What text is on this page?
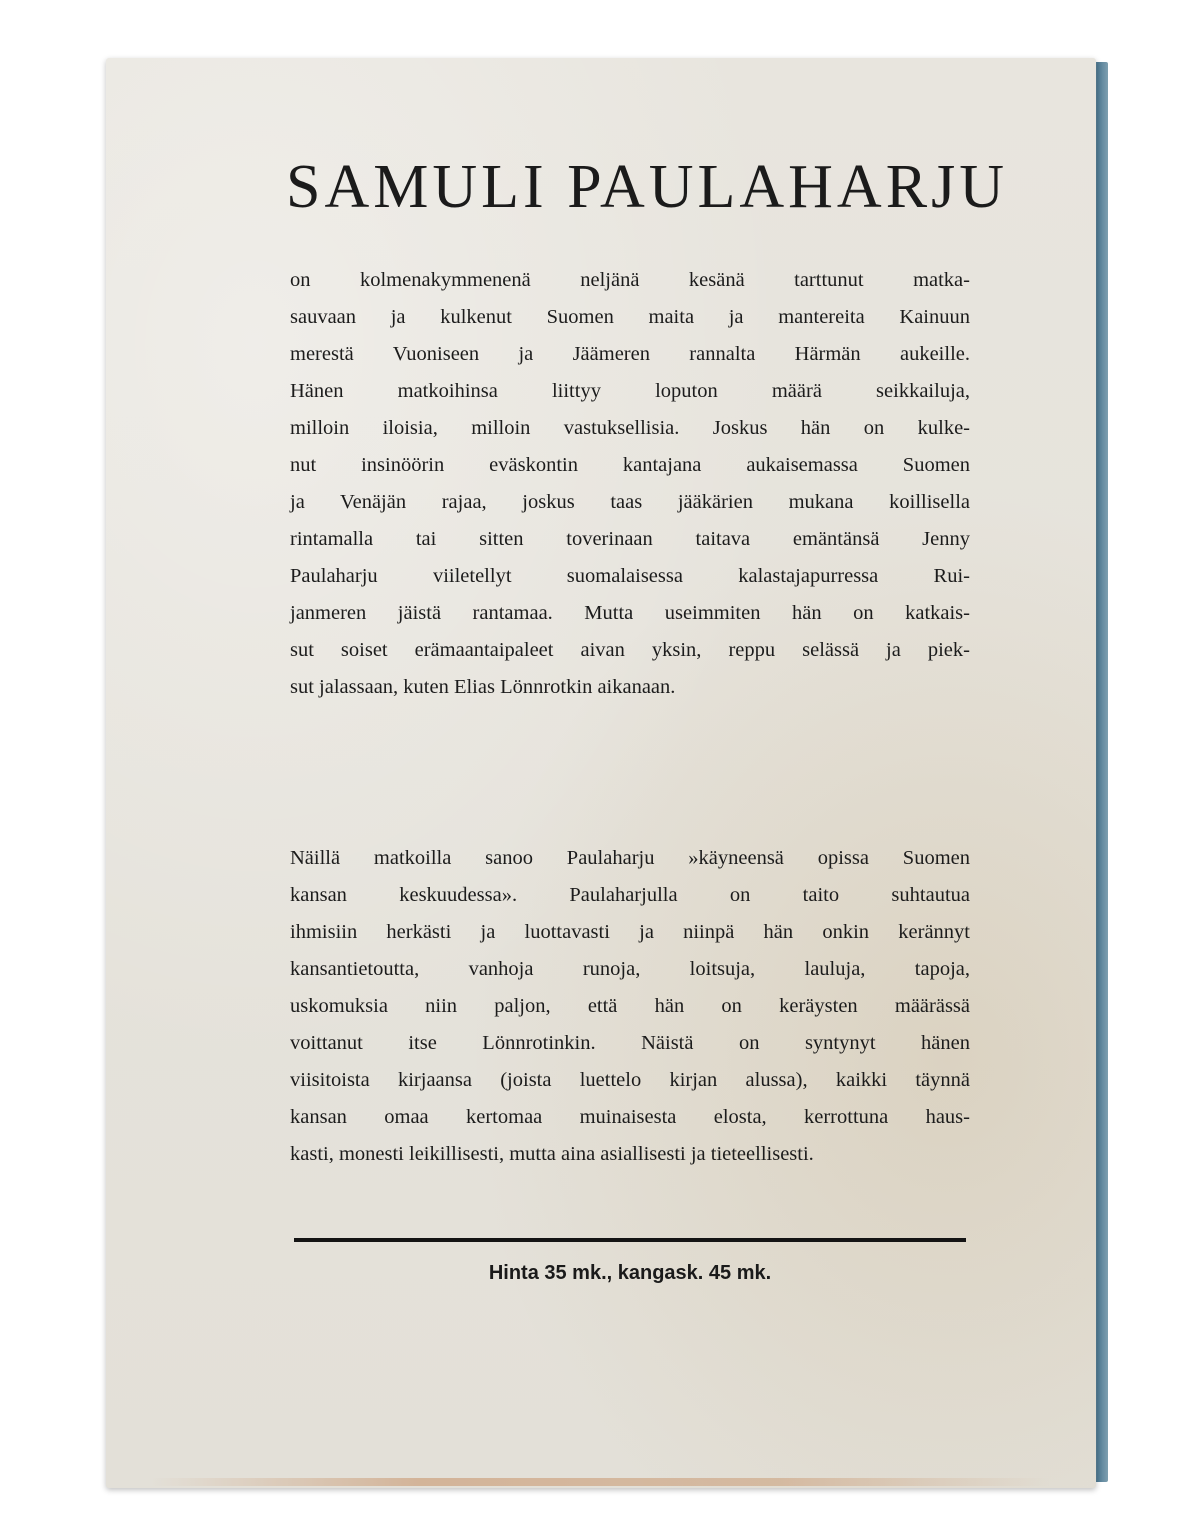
SAMULI PAULAHARJU
on kolmenakymmenenä neljänä kesänä tarttunut matka-
sauvaan ja kulkenut Suomen maita ja mantereita Kainuun
merestä Vuoniseen ja Jäämeren rannalta Härmän aukeille.
Hänen matkoihinsa liittyy loputon määrä seikkailuja,
milloin iloisia, milloin vastuksellisia. Joskus hän on kulke-
nut insinöörin eväskontin kantajana aukaisemassa Suomen
ja Venäjän rajaa, joskus taas jääkärien mukana koillisella
rintamalla tai sitten toverinaan taitava emäntänsä Jenny
Paulaharju viiletellyt suomalaisessa kalastajapurressa Rui-
janmeren jäistä rantamaa. Mutta useimmiten hän on katkais-
sut soiset erämaantaipaleet aivan yksin, reppu selässä ja piek-
sut jalassaan, kuten Elias Lönnrotkin aikanaan.
Näillä matkoilla sanoo Paulaharju »käyneensä opissa Suomen
kansan keskuudessa». Paulaharjulla on taito suhtautua
ihmisiin herkästi ja luottavasti ja niinpä hän onkin kerännyt
kansantietoutta, vanhoja runoja, loitsuja, lauluja, tapoja,
uskomuksia niin paljon, että hän on keräysten määrässä
voittanut itse Lönnrotinkin. Näistä on syntynyt hänen
viisitoista kirjaansa (joista luettelo kirjan alussa), kaikki täynnä
kansan omaa kertomaa muinaisesta elosta, kerrottuna haus-
kasti, monesti leikillisesti, mutta aina asiallisesti ja tieteellisesti.
Hinta 35 mk., kangask. 45 mk.
